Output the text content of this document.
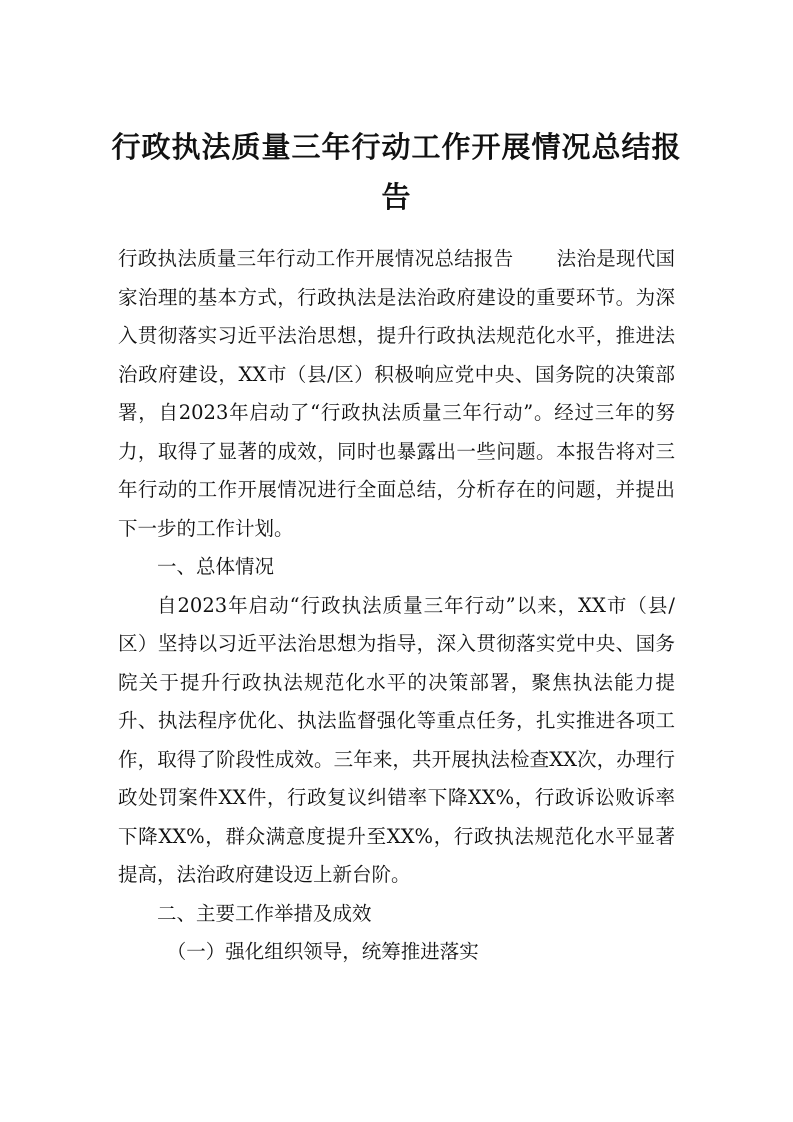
行政执法质量三年行动工作开展情况总结报告

行政执法质量三年行动工作开展情况总结报告 法治是现代国家治理的基本方式，行政执法是法治政府建设的重要环节。为深入贯彻落实习近平法治思想，提升行政执法规范化水平，推进法治政府建设，XX市（县/区）积极响应党中央、国务院的决策部署，自2023年启动了“行政执法质量三年行动”。经过三年的努力，取得了显著的成效，同时也暴露出一些问题。本报告将对三年行动的工作开展情况进行全面总结，分析存在的问题，并提出下一步的工作计划。

一、总体情况

自2023年启动“行政执法质量三年行动”以来，XX市（县/区）坚持以习近平法治思想为指导，深入贯彻落实党中央、国务院关于提升行政执法规范化水平的决策部署，聚焦执法能力提升、执法程序优化、执法监督强化等重点任务，扎实推进各项工作，取得了阶段性成效。三年来，共开展执法检查XX次，办理行政处罚案件XX件，行政复议纠错率下降XX%，行政诉讼败诉率下降XX%，群众满意度提升至XX%，行政执法规范化水平显著提高，法治政府建设迈上新台阶。

二、主要工作举措及成效

（一）强化组织领导，统筹推进落实
